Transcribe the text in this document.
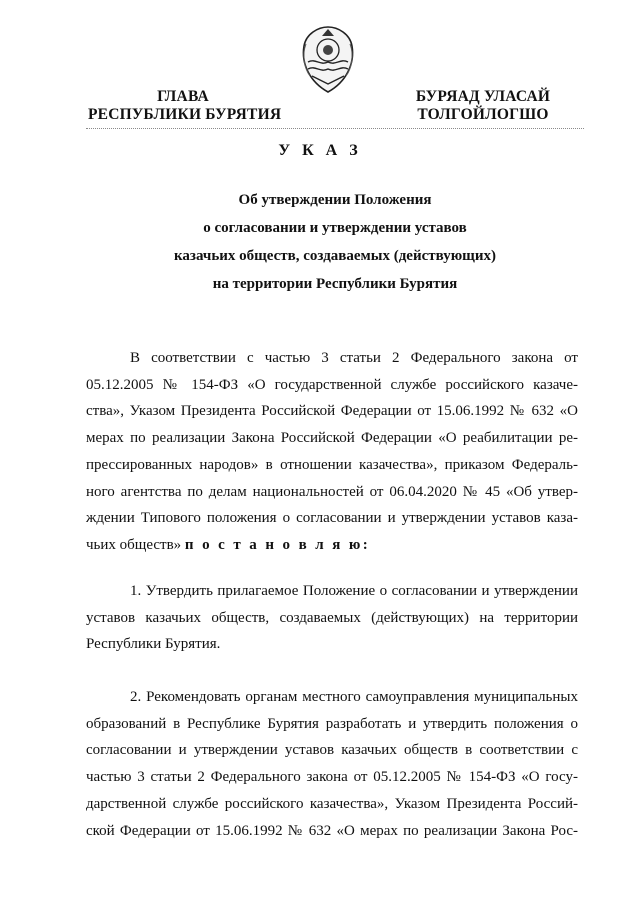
ГЛАВА
РЕСПУБЛИКИ БУРЯТИЯ
БУРЯАД УЛАСАЙ
ТОЛГОЙЛОГШО
У К А З
Об утверждении Положения
о согласовании и утверждении уставов
казачьих обществ, создаваемых (действующих)
на территории Республики Бурятия
В соответствии с частью 3 статьи 2 Федерального закона от
05.12.2005 № 154-ФЗ «О государственной службе российского казаче-
ства», Указом Президента Российской Федерации от 15.06.1992 № 632 «О
мерах по реализации Закона Российской Федерации «О реабилитации ре-
прессированных народов» в отношении казачества», приказом Федераль-
ного агентства по делам национальностей от 06.04.2020 № 45 «Об утвер-
ждении Типового положения о согласовании и утверждении уставов каза-
чьих обществ» п о с т а н о в л я ю:
1. Утвердить прилагаемое Положение о согласовании и утверждении
уставов казачьих обществ, создаваемых (действующих) на территории
Республики Бурятия.
2. Рекомендовать органам местного самоуправления муниципальных
образований в Республике Бурятия разработать и утвердить положения о
согласовании и утверждении уставов казачьих обществ в соответствии с
частью 3 статьи 2 Федерального закона от 05.12.2005 № 154-ФЗ «О госу-
дарственной службе российского казачества», Указом Президента Россий-
ской Федерации от 15.06.1992 № 632 «О мерах по реализации Закона Рос-
